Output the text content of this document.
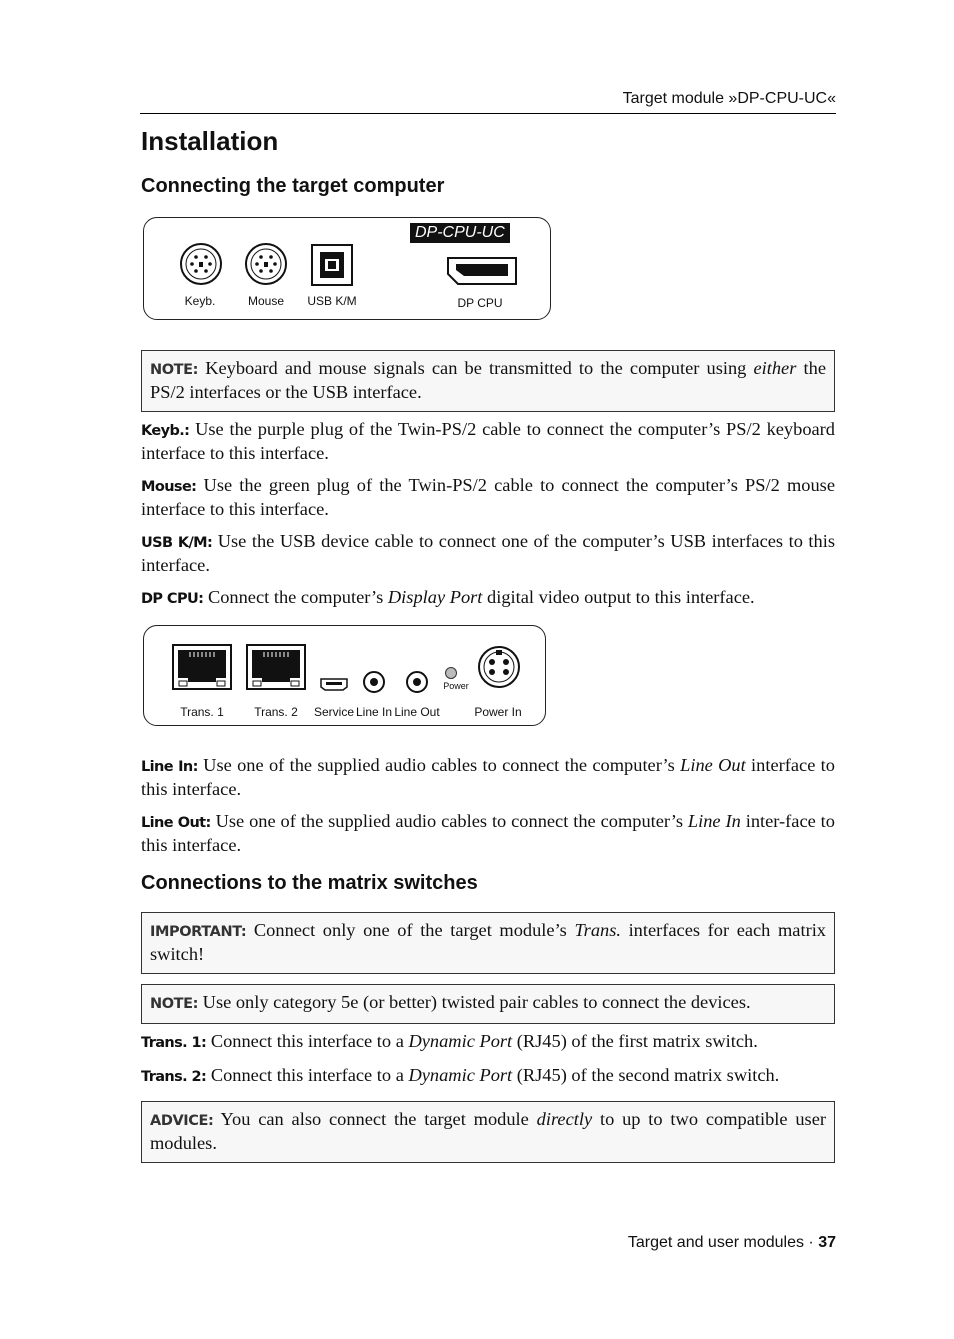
Target module »DP-CPU-UC«
Installation
Connecting the target computer
DP-CPU-UC
Keyb.	Mouse	USB K/M	DP CPU
NOTE: Keyboard and mouse signals can be transmitted to the computer using either the PS/2 interfaces or the USB interface.
Keyb.: Use the purple plug of the Twin-PS/2 cable to connect the computer’s PS/2 keyboard interface to this interface.
Mouse: Use the green plug of the Twin-PS/2 cable to connect the computer’s PS/2 mouse interface to this interface.
USB K/M: Use the USB device cable to connect one of the computer’s USB interfaces to this interface.
DP CPU: Connect the computer’s Display Port digital video output to this interface.
Power
Trans. 1	Trans. 2	Service Line In Line Out	Power In
Line In: Use one of the supplied audio cables to connect the computer’s Line Out interface to this interface.
Line Out: Use one of the supplied audio cables to connect the computer’s Line In inter-face to this interface.
Connections to the matrix switches
IMPORTANT: Connect only one of the target module’s Trans. interfaces for each matrix switch!
NOTE: Use only category 5e (or better) twisted pair cables to connect the devices.
Trans. 1: Connect this interface to a Dynamic Port (RJ45) of the first matrix switch.
Trans. 2: Connect this interface to a Dynamic Port (RJ45) of the second matrix switch.
ADVICE: You can also connect the target module directly to up to two compatible user modules.
Target and user modules · 37
